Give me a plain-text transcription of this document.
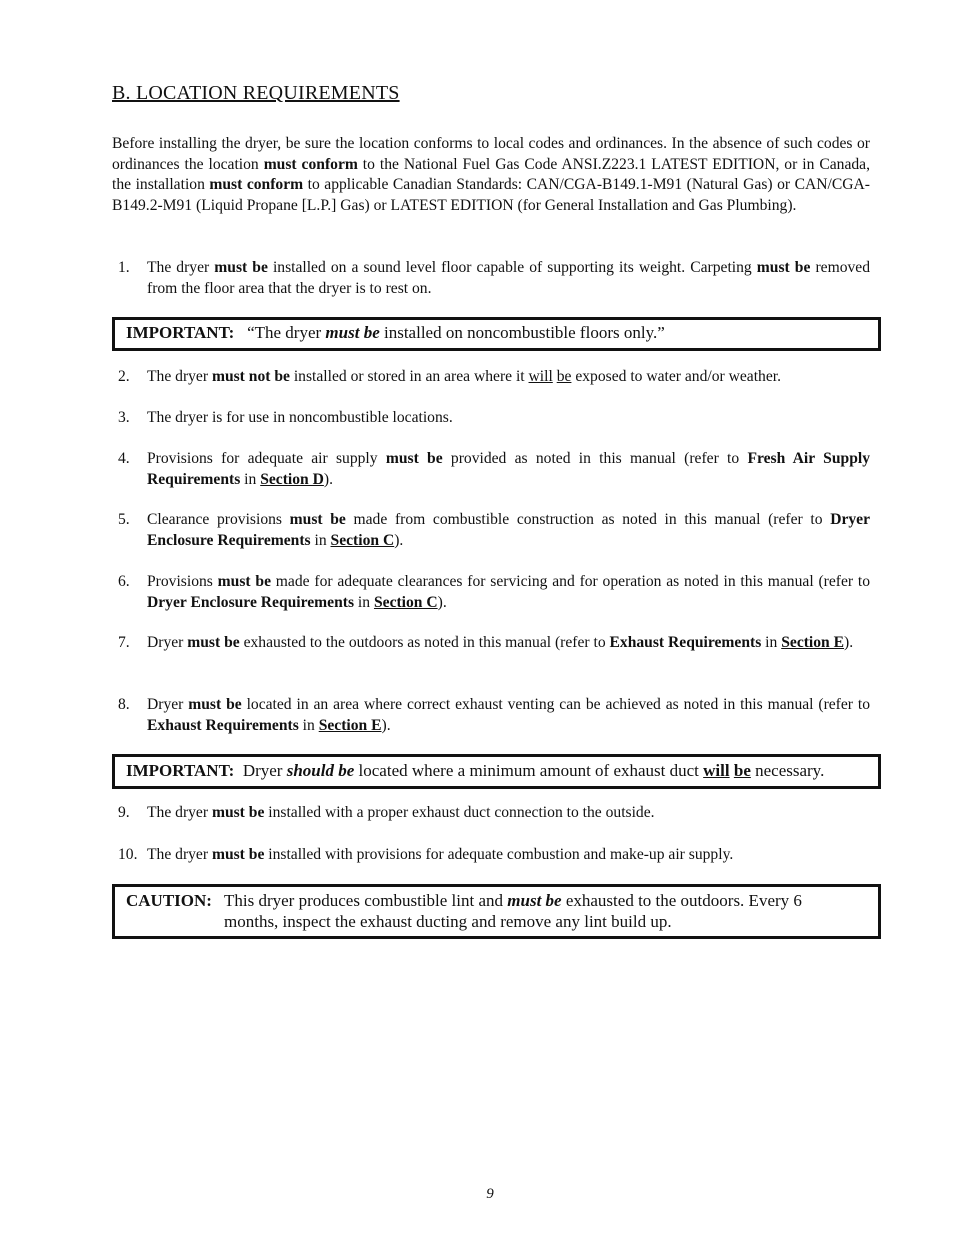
B. LOCATION REQUIREMENTS

Before installing the dryer, be sure the location conforms to local codes and ordinances. In the absence of such codes or ordinances the location must conform to the National Fuel Gas Code ANSI.Z223.1 LATEST EDITION, or in Canada, the installation must conform to applicable Canadian Standards: CAN/CGA-B149.1-M91 (Natural Gas) or CAN/CGA-B149.2-M91 (Liquid Propane [L.P.] Gas) or LATEST EDITION (for General Installation and Gas Plumbing).

1. The dryer must be installed on a sound level floor capable of supporting its weight. Carpeting must be removed from the floor area that the dryer is to rest on.
IMPORTANT: “The dryer must be installed on noncombustible floors only.”
2. The dryer must not be installed or stored in an area where it will be exposed to water and/or weather.
3. The dryer is for use in noncombustible locations.
4. Provisions for adequate air supply must be provided as noted in this manual (refer to Fresh Air Supply Requirements in Section D).
5. Clearance provisions must be made from combustible construction as noted in this manual (refer to Dryer Enclosure Requirements in Section C).
6. Provisions must be made for adequate clearances for servicing and for operation as noted in this manual (refer to Dryer Enclosure Requirements in Section C).
7. Dryer must be exhausted to the outdoors as noted in this manual (refer to Exhaust Requirements in Section E).
8. Dryer must be located in an area where correct exhaust venting can be achieved as noted in this manual (refer to Exhaust Requirements in Section E).
IMPORTANT: Dryer should be located where a minimum amount of exhaust duct will be necessary.
9. The dryer must be installed with a proper exhaust duct connection to the outside.
10. The dryer must be installed with provisions for adequate combustion and make-up air supply.
CAUTION: This dryer produces combustible lint and must be exhausted to the outdoors. Every 6 months, inspect the exhaust ducting and remove any lint build up.
9
